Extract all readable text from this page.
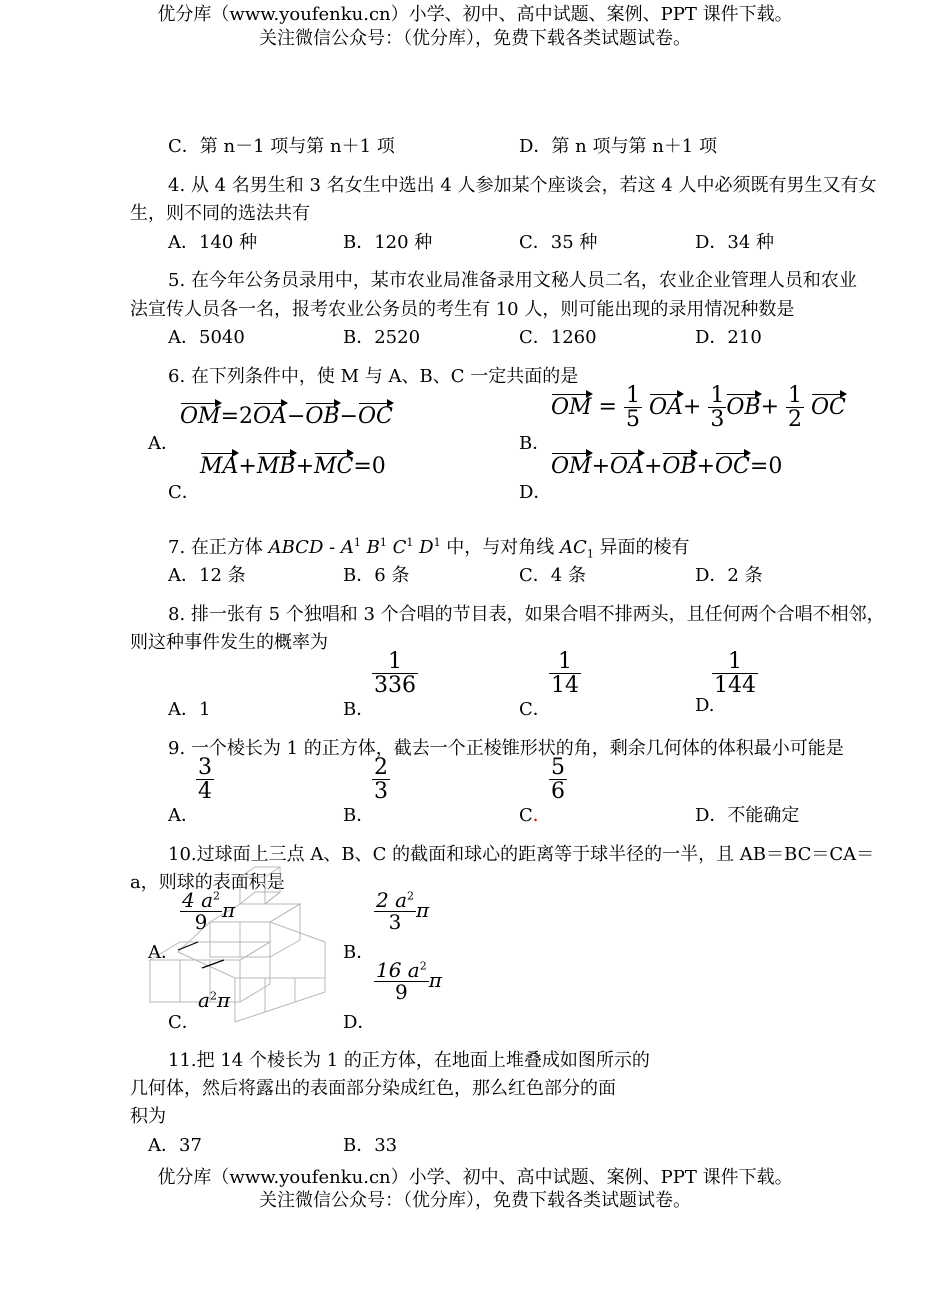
优分库（www.youfenku.cn）小学、初中、高中试题、案例、PPT 课件下载。
关注微信公众号：（优分库），免费下载各类试题试卷。
C．第 n－1 项与第 n＋1 项	D．第 n 项与第 n＋1 项
4. 从 4 名男生和 3 名女生中选出 4 人参加某个座谈会，若这 4 人中必须既有男生又有女
生，则不同的选法共有
A．140 种	B．120 种	C．35 种	D．34 种
5. 在今年公务员录用中，某市农业局准备录用文秘人员二名，农业企业管理人员和农业
法宣传人员各一名，报考农业公务员的考生有 10 人，则可能出现的录用情况种数是
A．5040	B．2520	C．1260	D．210
6. 在下列条件中，使 M 与 A、B、C 一定共面的是
A．
OM=2OA−OB−OC
B．
OM = $\frac{1}{5} OA+ \frac{1}{3} OB+ \frac{1}{2}$ OC
C．
MA+MB+MC=0
D．
OM+OA+OB+OC=0
7. 在正方体 ABCD - $A^1$ $B^1$ $C^1$ $D^1$ 中，与对角线 $AC_1$ 异面的棱有
A．12 条	B．6 条	C．4 条	D．2 条
8. 排一张有 5 个独唱和 3 个合唱的节目表，如果合唱不排两头，且任何两个合唱不相邻，
则这种事件发生的概率为
A．1	B．
$\frac{1}{336}$
C．
$\frac{1}{14}$
D.
$\frac{1}{144}$
9. 一个棱长为 1 的正方体，截去一个正棱锥形状的角，剩余几何体的体积最小可能是
A．
$\frac{3}{4}$
B．
$\frac{2}{3}$
C．
$\frac{5}{6}$
D．不能确定
10.过球面上三点 A、B、C 的截面和球心的距离等于球半径的一半，且 AB＝BC＝CA＝
a，则球的表面积是
A．
$\frac{4 a^2}{9}$ π
B．
$\frac{2 a^2}{3}$ π
C．
$a^2\pi$
D．
$\frac{16 a^2}{9}$ π
11.把 14 个棱长为 1 的正方体，在地面上堆叠成如图所示的
几何体，然后将露出的表面部分染成红色，那么红色部分的面
积为
A．37	B．33
优分库（www.youfenku.cn）小学、初中、高中试题、案例、PPT 课件下载。
关注微信公众号：（优分库），免费下载各类试题试卷。
